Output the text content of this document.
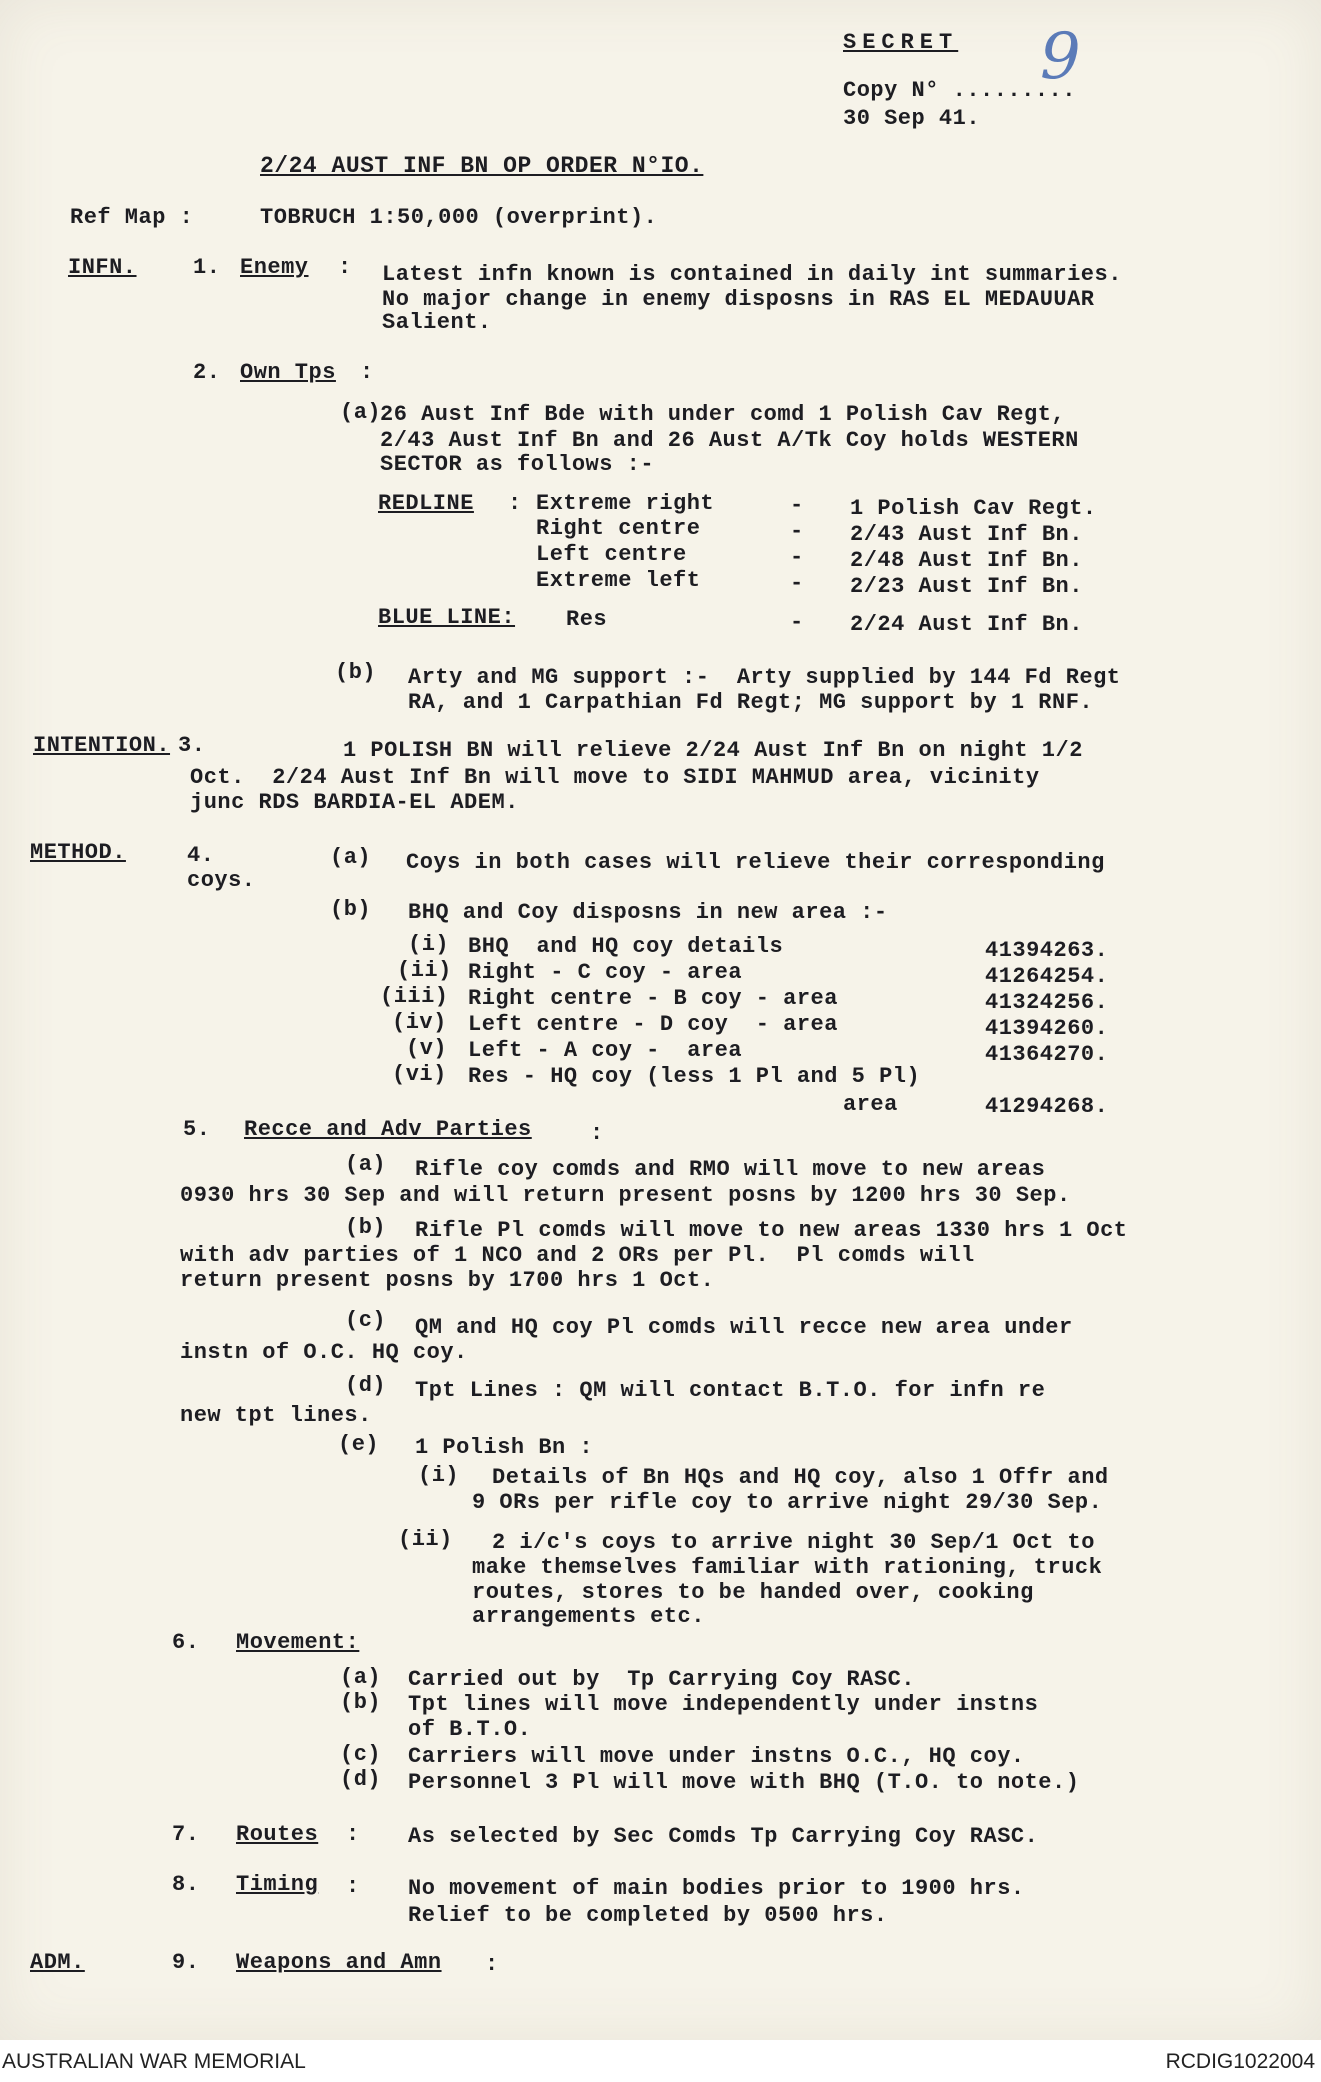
SECRET
Copy N° .........
9
30 Sep 41.
2/24 AUST INF BN OP ORDER N°IO.
Ref Map :	TOBRUCH 1:50,000 (overprint).
INFN.	1. Enemy : Latest infn known is contained in daily int summaries.
No major change in enemy disposns in RAS EL MEDAUUAR
Salient.
2. Own Tps :
(a)
26 Aust Inf Bde with under comd 1 Polish Cav Regt,
2/43 Aust Inf Bn and 26 Aust A/Tk Coy holds WESTERN
SECTOR as follows :-
REDLINE : Extreme right	- 1 Polish Cav Regt.
Right centre	- 2/43 Aust Inf Bn.
Left centre	- 2/48 Aust Inf Bn.
Extreme left	- 2/23 Aust Inf Bn.
BLUE LINE: Res	- 2/24 Aust Inf Bn.
(b) Arty and MG support :-  Arty supplied by 144 Fd Regt
RA, and 1 Carpathian Fd Regt; MG support by 1 RNF.
INTENTION. 3.	1 POLISH BN will relieve 2/24 Aust Inf Bn on night 1/2
Oct.  2/24 Aust Inf Bn will move to SIDI MAHMUD area, vicinity
junc RDS BARDIA-EL ADEM.
METHOD.	4.	(a) Coys in both cases will relieve their corresponding
coys.
(b) BHQ and Coy disposns in new area :-
(i) BHQ  and HQ coy details	41394263.
(ii) Right - C coy - area	41264254.
(iii) Right centre - B coy - area	41324256.
(iv) Left centre - D coy  - area	41394260.
(v) Left - A coy -  area	41364270.
(vi) Res - HQ coy (less 1 Pl and 5 Pl)
area	41294268.
5. Recce and Adv Parties	:
(a) Rifle coy comds and RMO will move to new areas
0930 hrs 30 Sep and will return present posns by 1200 hrs 30 Sep.
(b) Rifle Pl comds will move to new areas 1330 hrs 1 Oct
with adv parties of 1 NCO and 2 ORs per Pl.  Pl comds will
return present posns by 1700 hrs 1 Oct.
(c) QM and HQ coy Pl comds will recce new area under
instn of O.C. HQ coy.
(d) Tpt Lines : QM will contact B.T.O. for infn re
new tpt lines.
(e) 1 Polish Bn :
(i) Details of Bn HQs and HQ coy, also 1 Offr and
9 ORs per rifle coy to arrive night 29/30 Sep.
(ii) 2 i/c's coys to arrive night 30 Sep/1 Oct to
make themselves familiar with rationing, truck
routes, stores to be handed over, cooking
arrangements etc.
6. Movement:
(a) Carried out by  Tp Carrying Coy RASC.
(b) Tpt lines will move independently under instns
of B.T.O.
(c) Carriers will move under instns O.C., HQ coy.
(d) Personnel 3 Pl will move with BHQ (T.O. to note.)
7. Routes : As selected by Sec Comds Tp Carrying Coy RASC.
8. Timing : No movement of main bodies prior to 1900 hrs.
Relief to be completed by 0500 hrs.
ADM.	9. Weapons and Amn :
AUSTRALIAN WAR MEMORIAL	RCDIG1022004
